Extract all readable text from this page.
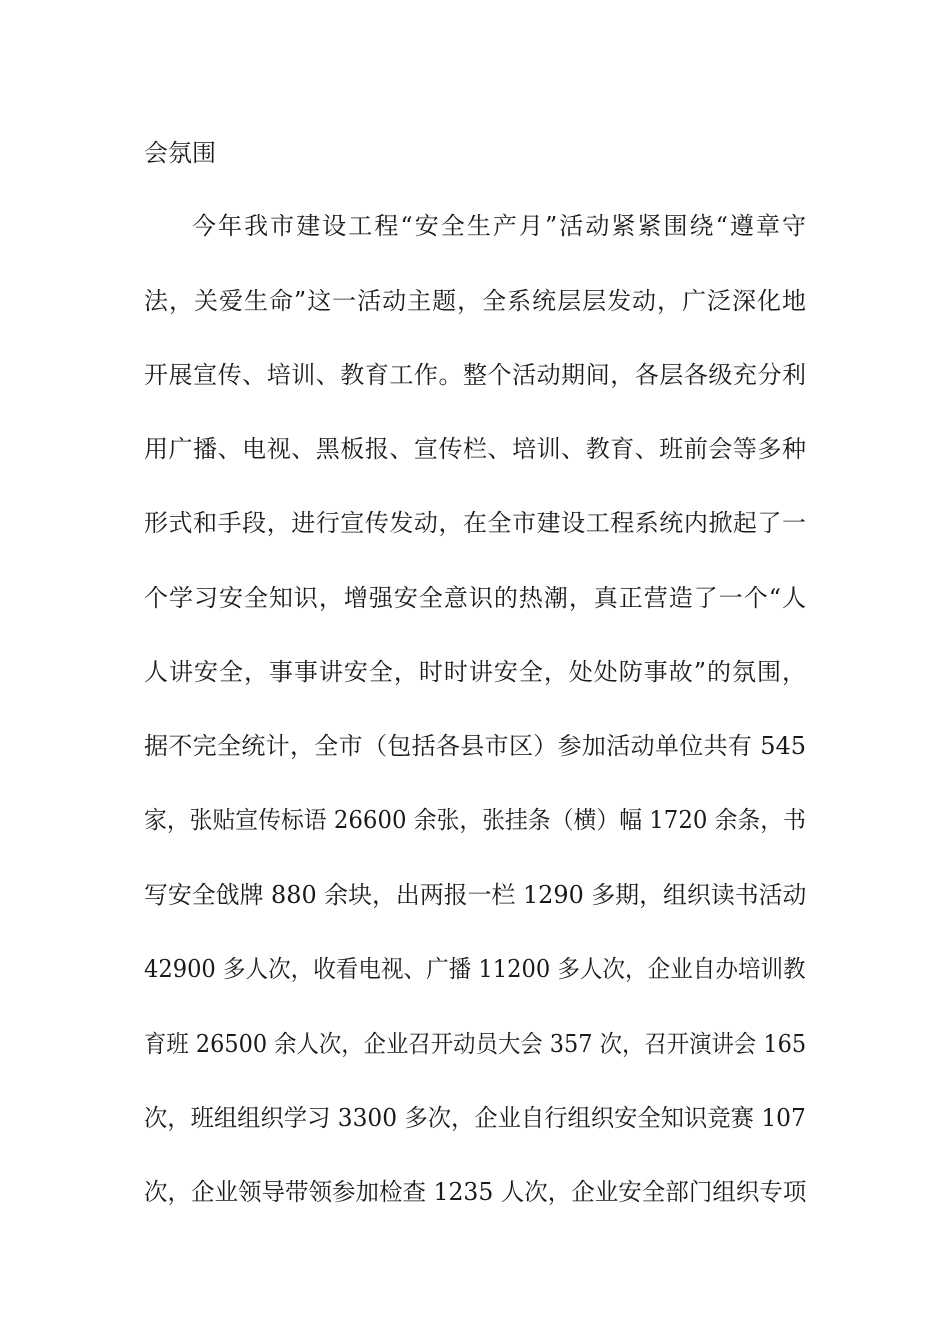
会氛围
今年我市建设工程“安全生产月”活动紧紧围绕“遵章守
法，关爱生命”这一活动主题，全系统层层发动，广泛深化地
开展宣传、培训、教育工作。整个活动期间，各层各级充分利
用广播、电视、黑板报、宣传栏、培训、教育、班前会等多种
形式和手段，进行宣传发动，在全市建设工程系统内掀起了一
个学习安全知识，增强安全意识的热潮，真正营造了一个“人
人讲安全，事事讲安全，时时讲安全，处处防事故”的氛围，
据不完全统计，全市（包括各县市区）参加活动单位共有 545
家，张贴宣传标语 26600 余张，张挂条（横）幅 1720 余条，书
写安全戗牌 880 余块，出两报一栏 1290 多期，组织读书活动
42900 多人次，收看电视、广播 11200 多人次，企业自办培训教
育班 26500 余人次，企业召开动员大会 357 次，召开演讲会 165
次，班组组织学习 3300 多次，企业自行组织安全知识竞赛 107
次，企业领导带领参加检查 1235 人次，企业安全部门组织专项
